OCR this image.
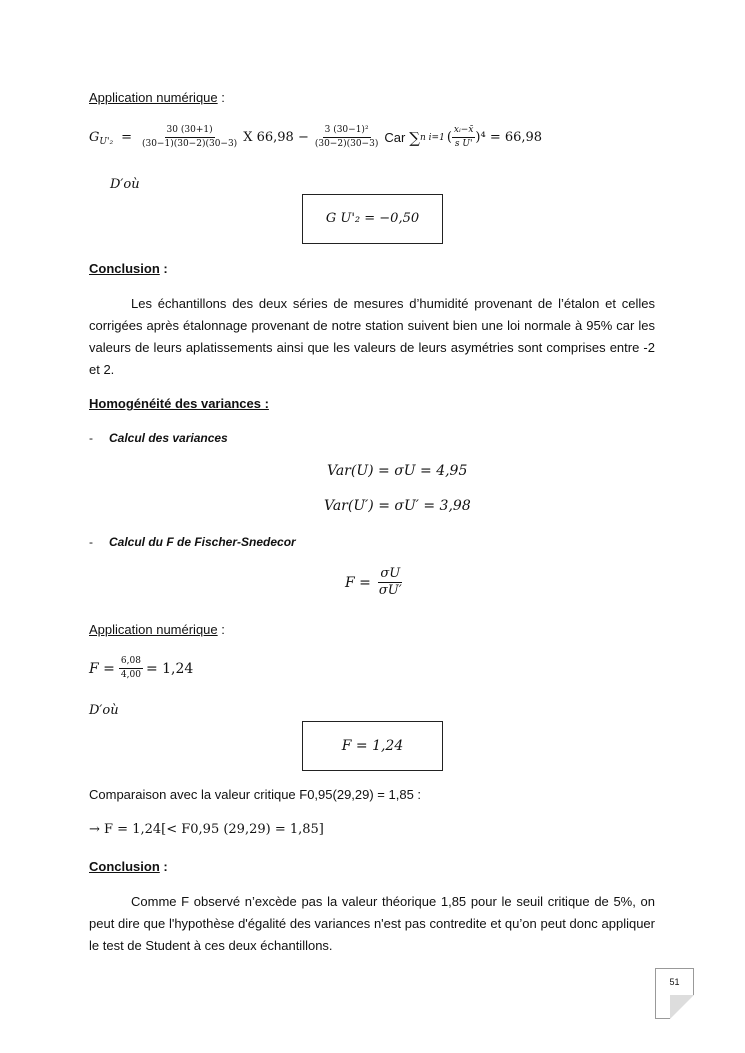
Application numérique :
G $U'_2 = \frac{30 (30+1)}{(30-1)(30-2)(30-3)}$ X $66,98 - \frac{\text{3 (30−1)²}}{(30-2)(30-3)}$ Car ∑ n i=1 ( $\frac{\text{xᵢ−x̄}}{\text{s U'}} )^4 = 66,98$
D′où
G U'₂ = −0,50
Conclusion :
Les échantillons des deux séries de mesures d’humidité provenant de l’étalon et celles corrigées après étalonnage provenant de notre station suivent bien une loi normale à 95% car les valeurs de leurs aplatissements ainsi que les valeurs de leurs asymétries sont comprises entre -2 et 2.
Homogénéité des variances :
- Calcul des variances
Var(U) = σU = 4,95
Var(U′) = σU′ = 3,98
- Calcul du F de Fischer-Snedecor
$F = \frac{\sigma U}{\sigma U'}$
Application numérique :
$F = \frac{6,08}{4,00} = 1,24$
D′où
F = 1,24
Comparaison avec la valeur critique F0,95(29,29) = 1,85 :
→ F = 1,24[< F0,95 (29,29) = 1,85]
Conclusion :
Comme F observé n’excède pas la valeur théorique 1,85 pour le seuil critique de 5%, on peut dire que l'hypothèse d'égalité des variances n'est pas contredite et qu’on peut donc appliquer le test de Student à ces deux échantillons.
51
